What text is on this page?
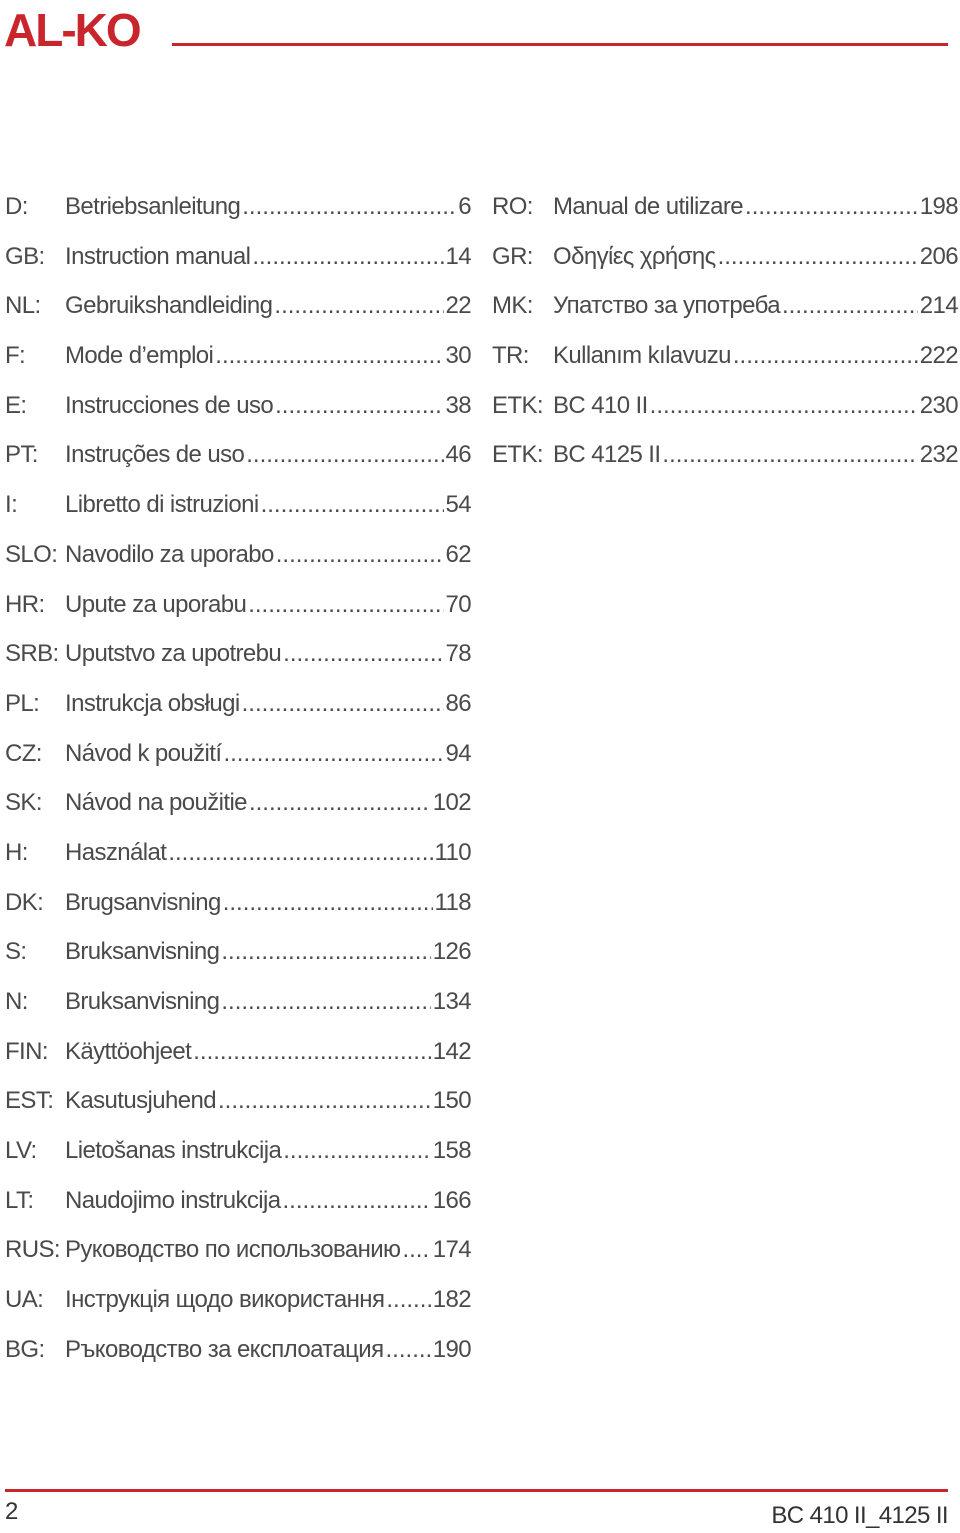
AL-KO
D:	Betriebsanleitung .....	6
GB: Instruction manual .....	14
NL:	Gebruikshandleiding .....	22
F:	Mode d’emploi .....	30
E:	Instrucciones de uso .....	38
PT:	Instruções de uso .....	46
I:	Libretto di istruzioni .....	54
SLO: Navodilo za uporabo .....	62
HR: Upute za uporabu .....	70
SRB: Uputstvo za upotrebu .....	78
PL:	Instrukcja obsługi .....	86
CZ: Návod k použití .....	94
SK: Návod na použitie .....	102
H:	Használat .....	110
DK: Brugsanvisning .....	118
S:	Bruksanvisning .....	126
N:	Bruksanvisning .....	134
FIN: Käyttöohjeet .....	142
EST: Kasutusjuhend .....	150
LV:	Lietošanas instrukcija .....	158
LT:	Naudojimo instrukcija .....	166
RUS: Руководство по использованию ..... 174
UA: Інструкція щодо використання ..... 182
BG: Ръководство за експлоатация ..... 190
RO: Manual de utilizare .....	198
GR: Οδηγίες χρήσης .....	206
MK: Упатство за употреба .....	214
TR:	Kullanım kılavuzu .....	222
ETK: BC 410 II .....	230
ETK: BC 4125 II .....	232
2	BC 410 II_4125 II
